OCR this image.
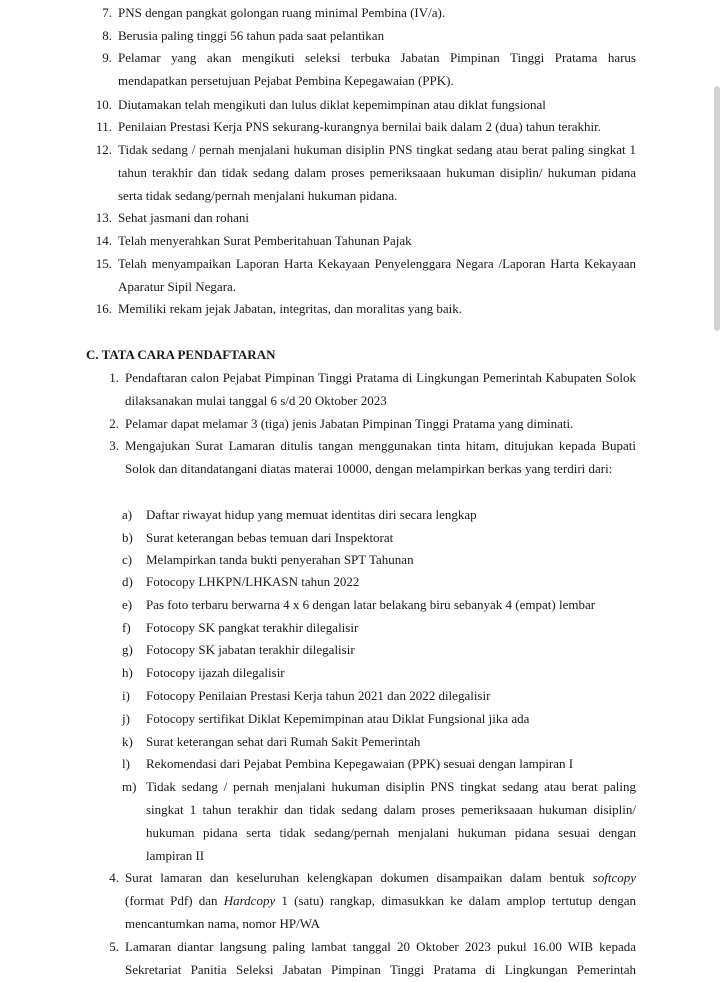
7. PNS dengan pangkat golongan ruang minimal Pembina (IV/a).
8. Berusia paling tinggi 56 tahun pada saat pelantikan
9. Pelamar yang akan mengikuti seleksi terbuka Jabatan Pimpinan Tinggi Pratama harus mendapatkan persetujuan Pejabat Pembina Kepegawaian (PPK).
10. Diutamakan telah mengikuti dan lulus diklat kepemimpinan atau diklat fungsional
11. Penilaian Prestasi Kerja PNS sekurang-kurangnya bernilai baik dalam 2 (dua) tahun terakhir.
12. Tidak sedang / pernah menjalani hukuman disiplin PNS tingkat sedang atau berat paling singkat 1 tahun terakhir dan tidak sedang dalam proses pemeriksaaan hukuman disiplin/ hukuman pidana serta tidak sedang/pernah menjalani hukuman pidana.
13. Sehat jasmani dan rohani
14. Telah menyerahkan Surat Pemberitahuan Tahunan Pajak
15. Telah menyampaikan Laporan Harta Kekayaan Penyelenggara Negara /Laporan Harta Kekayaan Aparatur Sipil Negara.
16. Memiliki rekam jejak Jabatan, integritas, dan moralitas yang baik.
C. TATA CARA PENDAFTARAN
1. Pendaftaran calon Pejabat Pimpinan Tinggi Pratama di Lingkungan Pemerintah Kabupaten Solok dilaksanakan mulai tanggal 6 s/d 20 Oktober 2023
2. Pelamar dapat melamar 3 (tiga) jenis Jabatan Pimpinan Tinggi Pratama yang diminati.
3. Mengajukan Surat Lamaran ditulis tangan menggunakan tinta hitam, ditujukan kepada Bupati Solok dan ditandatangani diatas materai 10000, dengan melampirkan berkas yang terdiri dari:
a)	Daftar riwayat hidup yang memuat identitas diri secara lengkap
b)	Surat keterangan bebas temuan dari Inspektorat
c)	Melampirkan tanda bukti penyerahan SPT Tahunan
d)	Fotocopy LHKPN/LHKASN tahun 2022
e)	Pas foto terbaru berwarna 4 x 6 dengan latar belakang biru sebanyak 4 (empat) lembar
f)	Fotocopy SK pangkat terakhir dilegalisir
g)	Fotocopy SK jabatan terakhir dilegalisir
h)	Fotocopy ijazah dilegalisir
i)	Fotocopy Penilaian Prestasi Kerja tahun 2021 dan 2022 dilegalisir
j)	Fotocopy sertifikat Diklat Kepemimpinan atau Diklat Fungsional jika ada
k)	Surat keterangan sehat dari Rumah Sakit Pemerintah
l)	Rekomendasi dari Pejabat Pembina Kepegawaian (PPK) sesuai dengan lampiran I
m) Tidak sedang / pernah menjalani hukuman disiplin PNS tingkat sedang atau berat paling singkat 1 tahun terakhir dan tidak sedang dalam proses pemeriksaaan hukuman disiplin/ hukuman pidana serta tidak sedang/pernah menjalani hukuman pidana sesuai dengan lampiran II
4. Surat lamaran dan keseluruhan kelengkapan dokumen disampaikan dalam bentuk softcopy (format Pdf) dan Hardcopy 1 (satu) rangkap, dimasukkan ke dalam amplop tertutup dengan mencantumkan nama, nomor HP/WA
5. Lamaran diantar langsung paling lambat tanggal 20 Oktober 2023 pukul 16.00 WIB kepada Sekretariat Panitia Seleksi Jabatan Pimpinan Tinggi Pratama di Lingkungan Pemerintah
